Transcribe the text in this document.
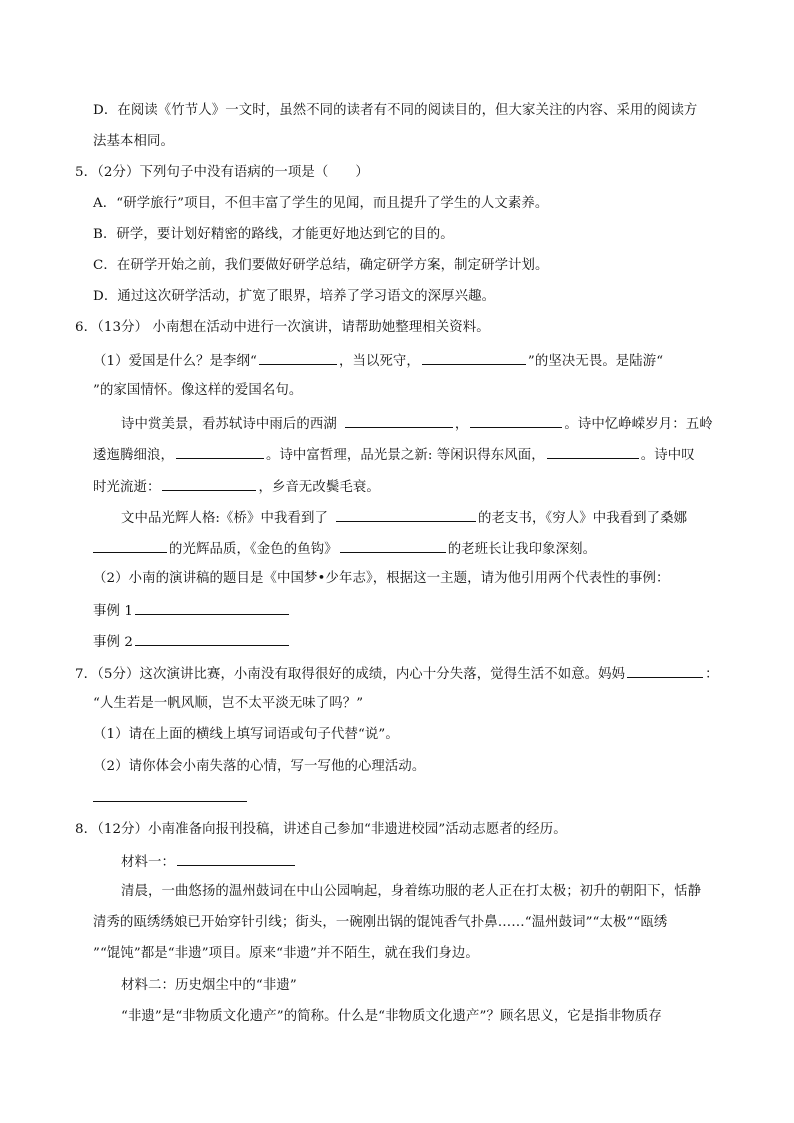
D．在阅读《竹节人》一文时，虽然不同的读者有不同的阅读目的，但大家关注的内容、采用的阅读方
法基本相同。
5．（2分）下列句子中没有语病的一项是（　　）
A．“研学旅行”项目，不但丰富了学生的见闻，而且提升了学生的人文素养。
B．研学，要计划好精密的路线，才能更好地达到它的目的。
C．在研学开始之前，我们要做好研学总结，确定研学方案，制定研学计划。
D．通过这次研学活动，扩宽了眼界，培养了学习语文的深厚兴趣。
6．（13分） 小南想在活动中进行一次演讲，请帮助她整理相关资料。
（1）爱国是什么？是李纲“	，当以死守，	”的坚决无畏。是陆游“
”的家国情怀。像这样的爱国名句。
诗中赏美景，看苏轼诗中雨后的西湖	，	。诗中忆峥嵘岁月：五岭
逶迤腾细浪，	。诗中富哲理，品光景之新: 等闲识得东风面，	。诗中叹
时光流逝：	，乡音无改鬓毛衰。
文中品光辉人格:《桥》中我看到了	的老支书，《穷人》中我看到了桑娜
的光辉品质，《金色的鱼钩》	的老班长让我印象深刻。
（2）小南的演讲稿的题目是《中国梦•少年志》，根据这一主题，请为他引用两个代表性的事例：
事例 1
事例 2
7．（5分）这次演讲比赛，小南没有取得很好的成绩，内心十分失落，觉得生活不如意。妈妈	：
“人生若是一帆风顺，岂不太平淡无味了吗？”
（1）请在上面的横线上填写词语或句子代替“说”。
（2）请你体会小南失落的心情，写一写他的心理活动。
8．（12分）小南准备向报刊投稿，讲述自己参加“非遗进校园”活动志愿者的经历。
材料一：
清晨，一曲悠扬的温州鼓词在中山公园响起，身着练功服的老人正在打太极；初升的朝阳下，恬静
清秀的瓯绣绣娘已开始穿针引线；街头，一碗刚出锅的馄饨香气扑鼻……“温州鼓词”“太极”“瓯绣
”“馄饨”都是“非遗”项目。原来“非遗”并不陌生，就在我们身边。
材料二：历史烟尘中的“非遗”
“非遗”是“非物质文化遗产”的简称。什么是“非物质文化遗产”？顾名思义，它是指非物质存
